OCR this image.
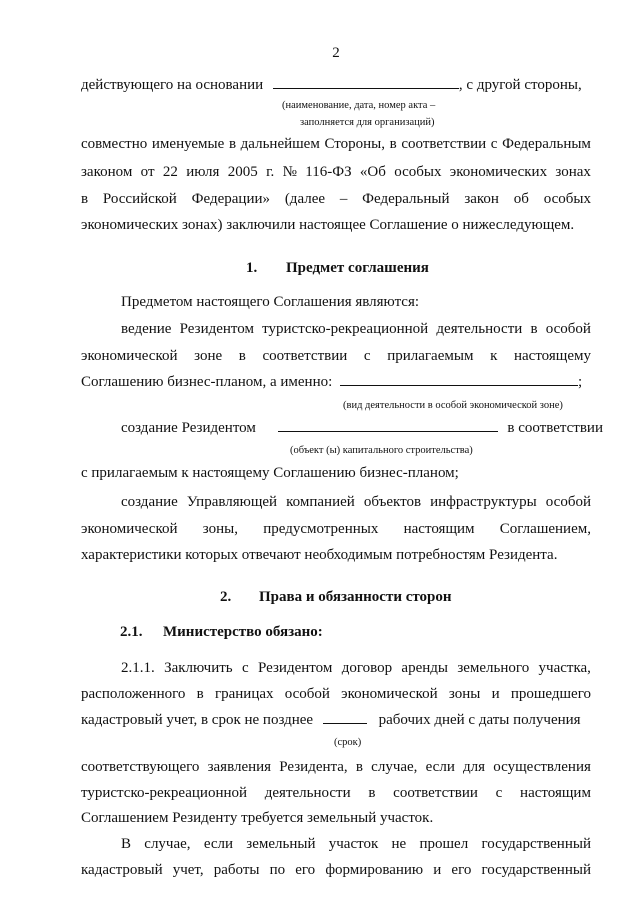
2
действующего на основании	, с другой стороны,
(наименование, дата, номер акта –
заполняется для организаций)
совместно именуемые в дальнейшем Стороны, в соответствии с Федеральным
законом от 22 июля 2005 г. № 116-ФЗ «Об особых экономических зонах
в Российской Федерации» (далее – Федеральный закон об особых
экономических зонах) заключили настоящее Соглашение о нижеследующем.
1. Предмет соглашения
Предметом настоящего Соглашения являются:
ведение Резидентом туристско-рекреационной деятельности в особой
экономической зоне в соответствии с прилагаемым к настоящему
Соглашению бизнес-планом, а именно:	;
(вид деятельности в особой экономической зоне)
создание Резидентом	в соответствии
(объект (ы) капитального строительства)
с прилагаемым к настоящему Соглашению бизнес-планом;
создание Управляющей компанией объектов инфраструктуры особой
экономической зоны, предусмотренных настоящим Соглашением,
характеристики которых отвечают необходимым потребностям Резидента.
2. Права и обязанности сторон
2.1. Министерство обязано:
2.1.1. Заключить с Резидентом договор аренды земельного участка,
расположенного в границах особой экономической зоны и прошедшего
кадастровый учет, в срок не позднее	рабочих дней с даты получения
(срок)
соответствующего заявления Резидента, в случае, если для осуществления
туристско-рекреационной деятельности в соответствии с настоящим
Соглашением Резиденту требуется земельный участок.
В случае, если земельный участок не прошел государственный
кадастровый учет, работы по его формированию и его государственный
